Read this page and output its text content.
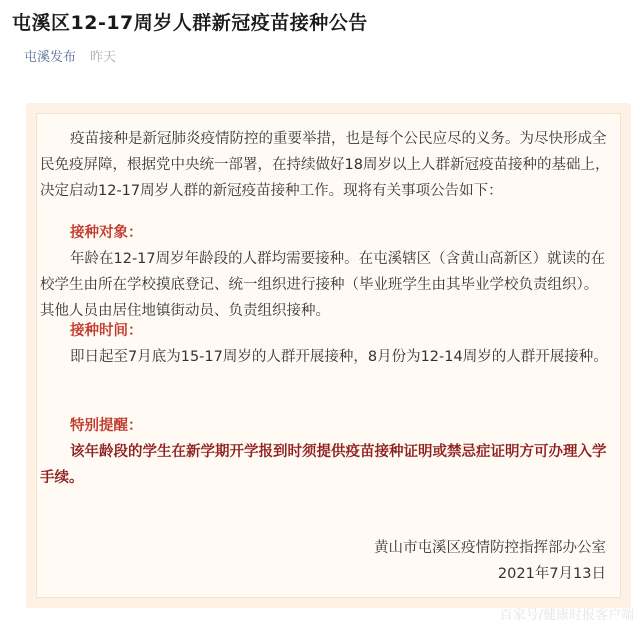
屯溪区12-17周岁人群新冠疫苗接种公告
屯溪发布 昨天
疫苗接种是新冠肺炎疫情防控的重要举措，也是每个公民应尽的义务。为尽快形成全民免疫屏障，根据党中央统一部署，在持续做好18周岁以上人群新冠疫苗接种的基础上，决定启动12-17周岁人群的新冠疫苗接种工作。现将有关事项公告如下：
接种对象：
年龄在12-17周岁年龄段的人群均需要接种。在屯溪辖区（含黄山高新区）就读的在校学生由所在学校摸底登记、统一组织进行接种（毕业班学生由其毕业学校负责组织）。其他人员由居住地镇街动员、负责组织接种。
接种时间：
即日起至7月底为15-17周岁的人群开展接种，8月份为12-14周岁的人群开展接种。
特别提醒：
该年龄段的学生在新学期开学报到时须提供疫苗接种证明或禁忌症证明方可办理入学手续。
黄山市屯溪区疫情防控指挥部办公室
2021年7月13日
百家号/健康时报客户端
